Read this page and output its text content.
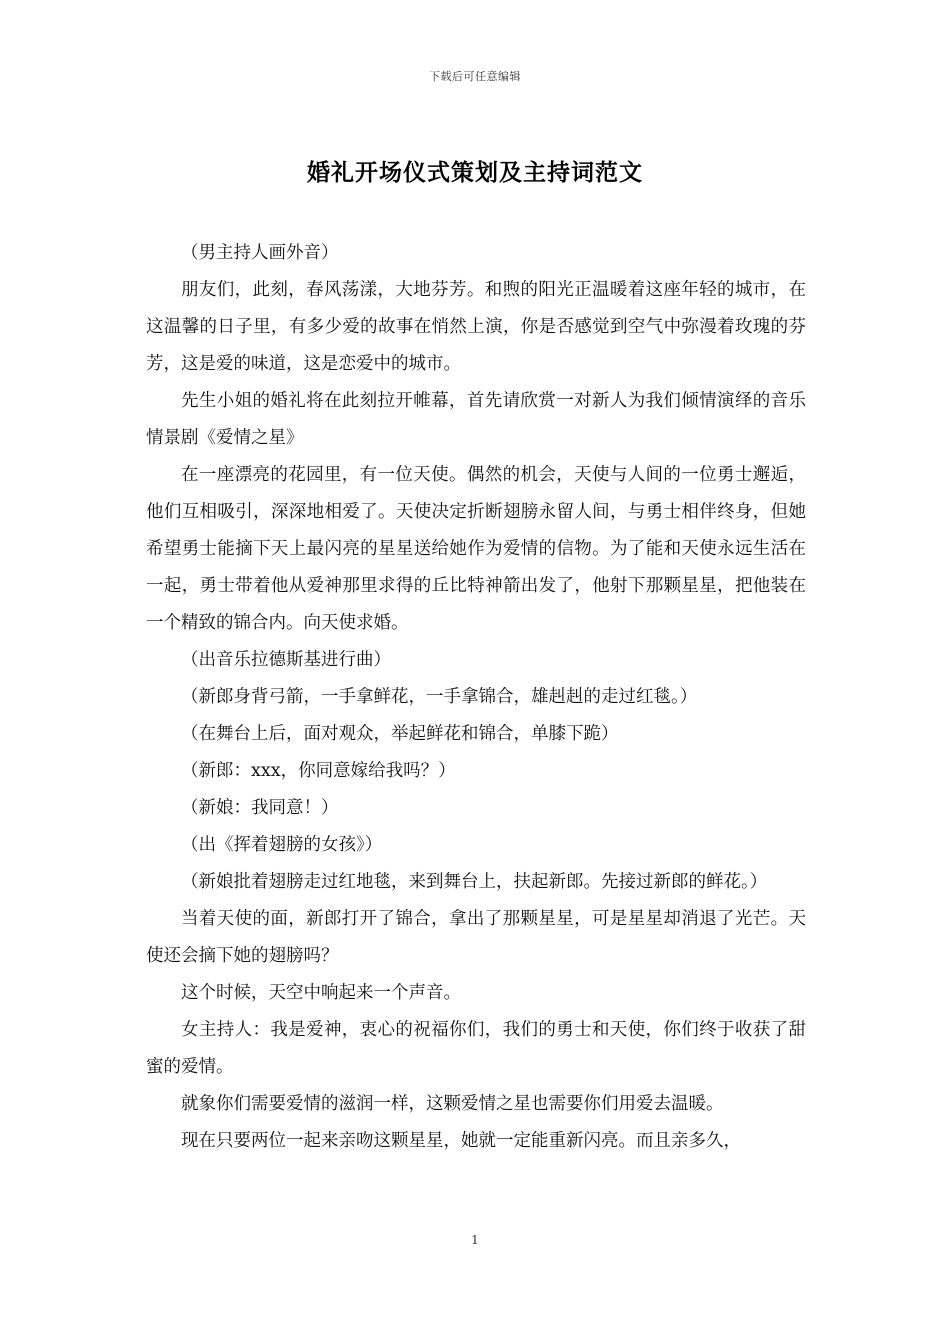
下载后可任意编辑
婚礼开场仪式策划及主持词范文

（男主持人画外音）

朋友们，此刻，春风荡漾，大地芬芳。和煦的阳光正温暖着这座年轻的城市，在这温馨的日子里，有多少爱的故事在悄然上演，你是否感觉到空气中弥漫着玫瑰的芬芳，这是爱的味道，这是恋爱中的城市。

先生小姐的婚礼将在此刻拉开帷幕，首先请欣赏一对新人为我们倾情演绎的音乐情景剧《爱情之星》

在一座漂亮的花园里，有一位天使。偶然的机会，天使与人间的一位勇士邂逅，他们互相吸引，深深地相爱了。天使决定折断翅膀永留人间，与勇士相伴终身，但她希望勇士能摘下天上最闪亮的星星送给她作为爱情的信物。为了能和天使永远生活在一起，勇士带着他从爱神那里求得的丘比特神箭出发了，他射下那颗星星，把他装在一个精致的锦合内。向天使求婚。

（出音乐拉德斯基进行曲）

（新郎身背弓箭，一手拿鲜花，一手拿锦合，雄赳赳的走过红毯。）

（在舞台上后，面对观众，举起鲜花和锦合，单膝下跪）

（新郎：xxx，你同意嫁给我吗？）

（新娘：我同意！）

（出《挥着翅膀的女孩》）

（新娘批着翅膀走过红地毯，来到舞台上，扶起新郎。先接过新郎的鲜花。）

当着天使的面，新郎打开了锦合，拿出了那颗星星，可是星星却消退了光芒。天使还会摘下她的翅膀吗？

这个时候，天空中响起来一个声音。

女主持人：我是爱神，衷心的祝福你们，我们的勇士和天使，你们终于收获了甜蜜的爱情。

就象你们需要爱情的滋润一样，这颗爱情之星也需要你们用爱去温暖。

现在只要两位一起来亲吻这颗星星，她就一定能重新闪亮。而且亲多久，

1
